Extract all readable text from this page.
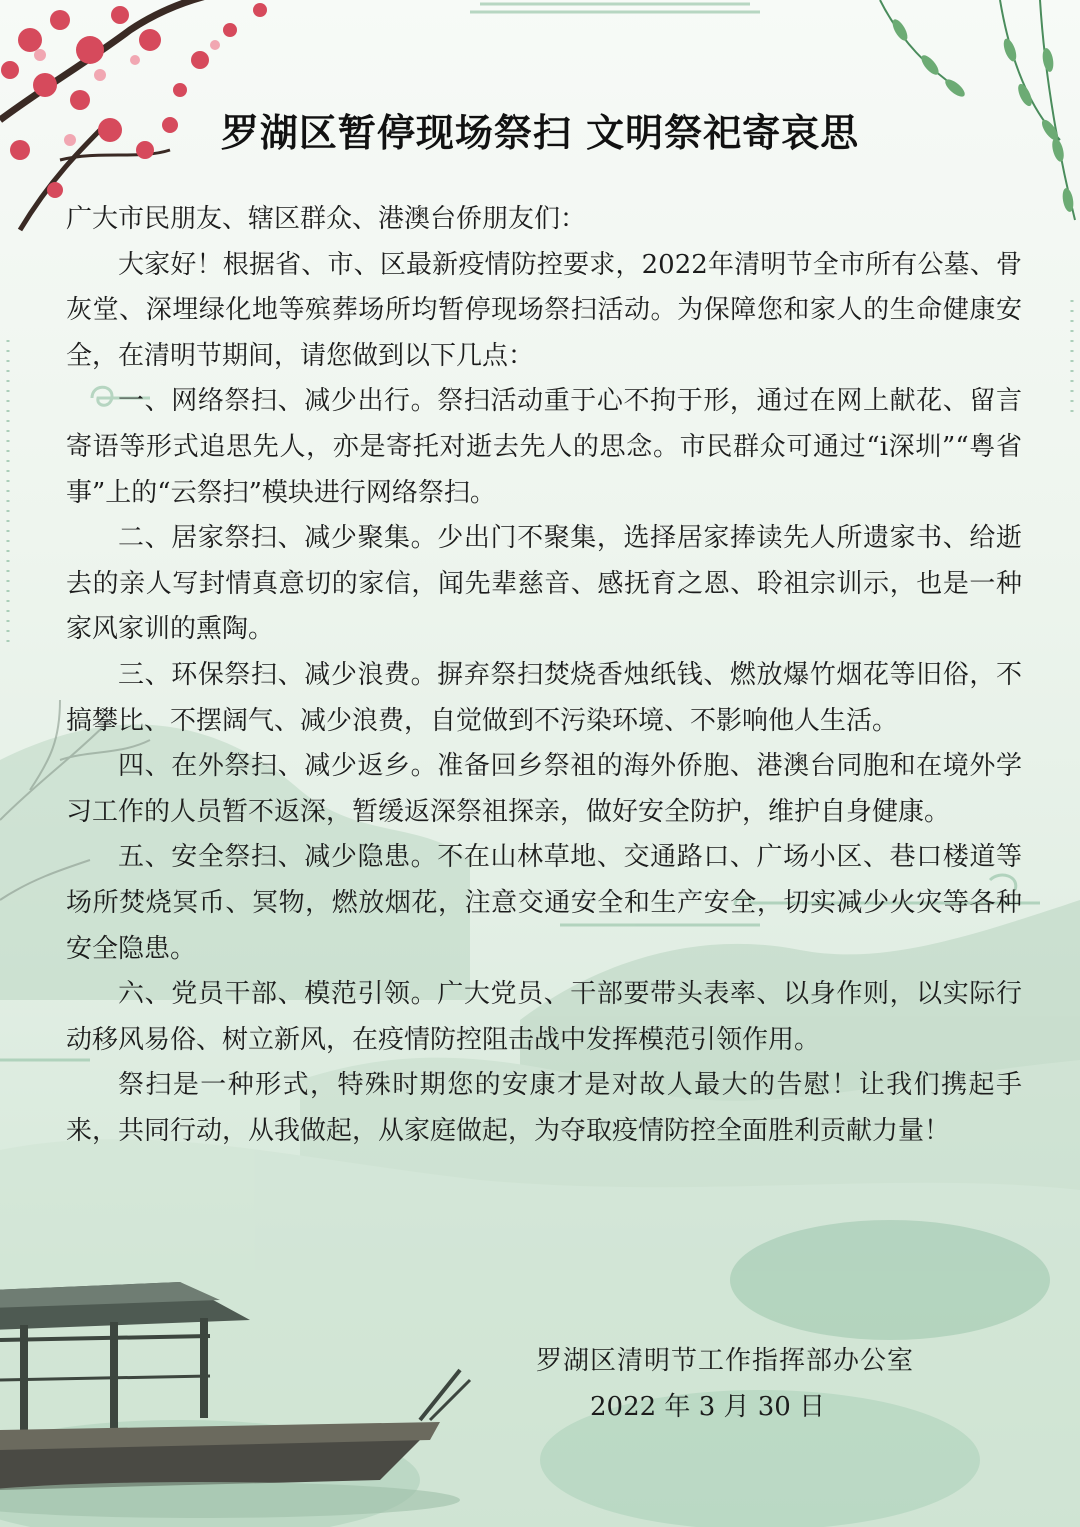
罗湖区暂停现场祭扫 文明祭祀寄哀思

广大市民朋友、辖区群众、港澳台侨朋友们：

大家好！根据省、市、区最新疫情防控要求，2022年清明节全市所有公墓、骨灰堂、深埋绿化地等殡葬场所均暂停现场祭扫活动。为保障您和家人的生命健康安全，在清明节期间，请您做到以下几点：

一、网络祭扫、减少出行。祭扫活动重于心不拘于形，通过在网上献花、留言寄语等形式追思先人，亦是寄托对逝去先人的思念。市民群众可通过“i深圳”“粤省事”上的“云祭扫”模块进行网络祭扫。

二、居家祭扫、减少聚集。少出门不聚集，选择居家捧读先人所遗家书、给逝去的亲人写封情真意切的家信，闻先辈慈音、感抚育之恩、聆祖宗训示，也是一种家风家训的熏陶。

三、环保祭扫、减少浪费。摒弃祭扫焚烧香烛纸钱、燃放爆竹烟花等旧俗，不搞攀比、不摆阔气、减少浪费，自觉做到不污染环境、不影响他人生活。

四、在外祭扫、减少返乡。准备回乡祭祖的海外侨胞、港澳台同胞和在境外学习工作的人员暂不返深，暂缓返深祭祖探亲，做好安全防护，维护自身健康。

五、安全祭扫、减少隐患。不在山林草地、交通路口、广场小区、巷口楼道等场所焚烧冥币、冥物，燃放烟花，注意交通安全和生产安全，切实减少火灾等各种安全隐患。

六、党员干部、模范引领。广大党员、干部要带头表率、以身作则，以实际行动移风易俗、树立新风，在疫情防控阻击战中发挥模范引领作用。

祭扫是一种形式，特殊时期您的安康才是对故人最大的告慰！让我们携起手来，共同行动，从我做起，从家庭做起，为夺取疫情防控全面胜利贡献力量！

罗湖区清明节工作指挥部办公室
2022 年 3 月 30 日
